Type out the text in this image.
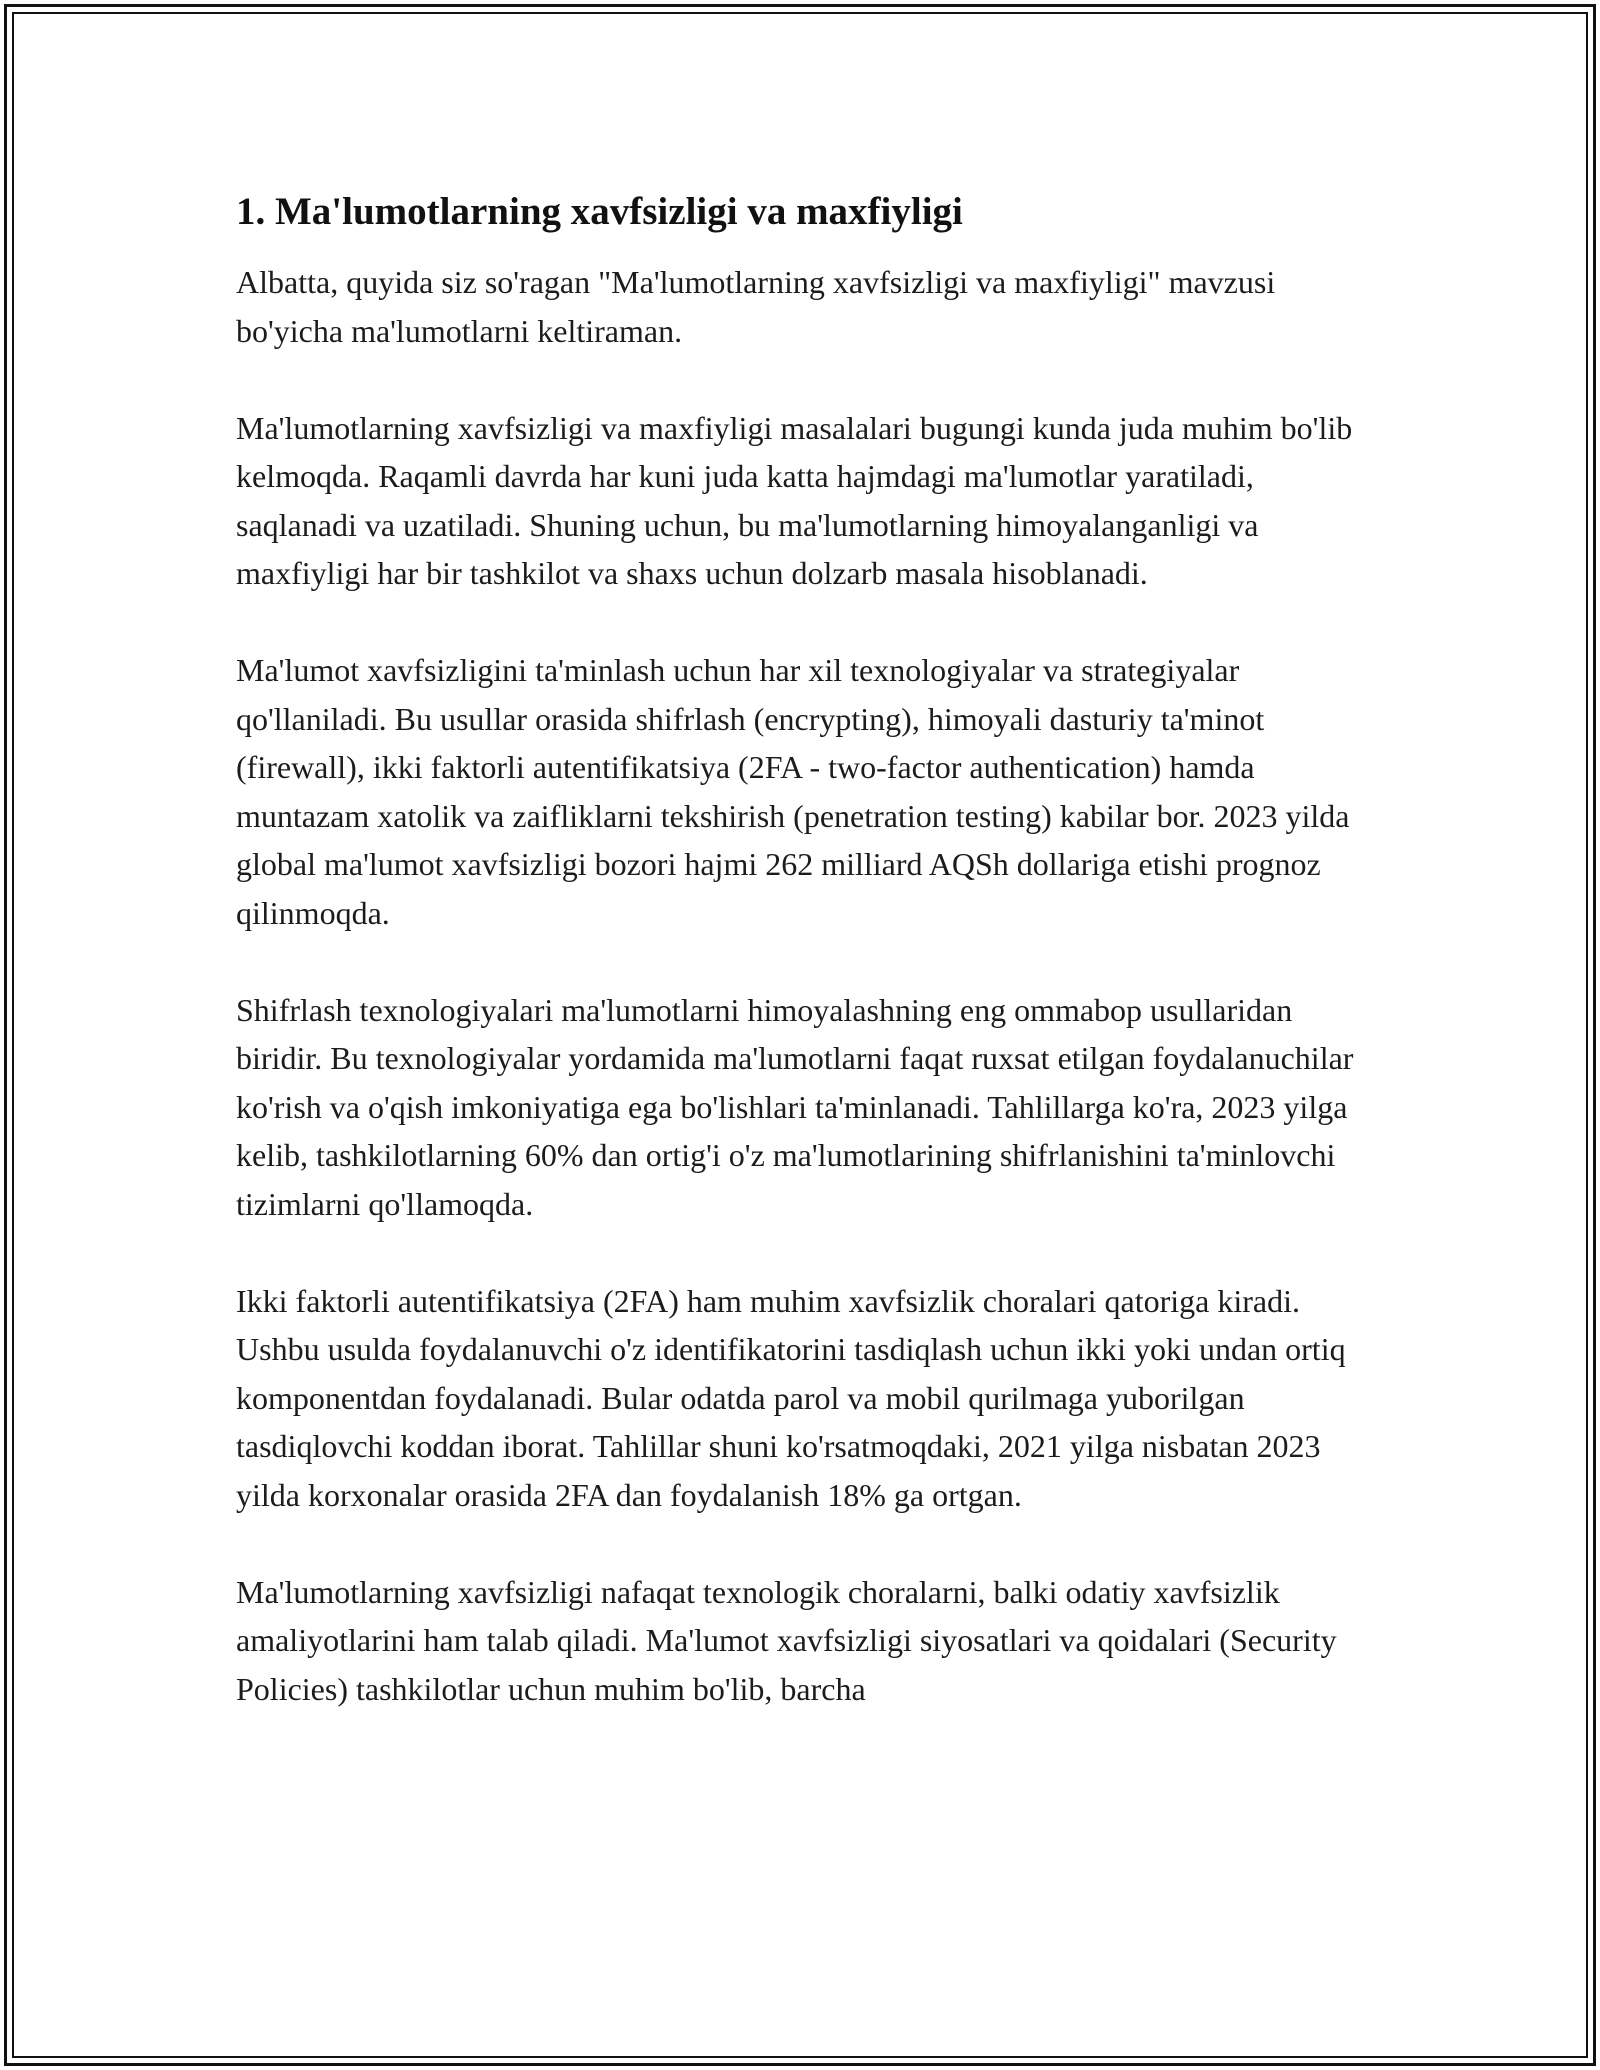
1. Ma'lumotlarning xavfsizligi va maxfiyligi

Albatta, quyida siz so'ragan "Ma'lumotlarning xavfsizligi va maxfiyligi" mavzusi bo'yicha ma'lumotlarni keltiraman.

Ma'lumotlarning xavfsizligi va maxfiyligi masalalari bugungi kunda juda muhim bo'lib kelmoqda. Raqamli davrda har kuni juda katta hajmdagi ma'lumotlar yaratiladi, saqlanadi va uzatiladi. Shuning uchun, bu ma'lumotlarning himoyalanganligi va maxfiyligi har bir tashkilot va shaxs uchun dolzarb masala hisoblanadi.

Ma'lumot xavfsizligini ta'minlash uchun har xil texnologiyalar va strategiyalar qo'llaniladi. Bu usullar orasida shifrlash (encrypting), himoyali dasturiy ta'minot (firewall), ikki faktorli autentifikatsiya (2FA - two-factor authentication) hamda muntazam xatolik va zaifliklarni tekshirish (penetration testing) kabilar bor. 2023 yilda global ma'lumot xavfsizligi bozori hajmi 262 milliard AQSh dollariga etishi prognoz qilinmoqda.

Shifrlash texnologiyalari ma'lumotlarni himoyalashning eng ommabop usullaridan biridir. Bu texnologiyalar yordamida ma'lumotlarni faqat ruxsat etilgan foydalanuchilar ko'rish va o'qish imkoniyatiga ega bo'lishlari ta'minlanadi. Tahlillarga ko'ra, 2023 yilga kelib, tashkilotlarning 60% dan ortig'i o'z ma'lumotlarining shifrlanishini ta'minlovchi tizimlarni qo'llamoqda.

Ikki faktorli autentifikatsiya (2FA) ham muhim xavfsizlik choralari qatoriga kiradi. Ushbu usulda foydalanuvchi o'z identifikatorini tasdiqlash uchun ikki yoki undan ortiq komponentdan foydalanadi. Bular odatda parol va mobil qurilmaga yuborilgan tasdiqlovchi koddan iborat. Tahlillar shuni ko'rsatmoqdaki, 2021 yilga nisbatan 2023 yilda korxonalar orasida 2FA dan foydalanish 18% ga ortgan.

Ma'lumotlarning xavfsizligi nafaqat texnologik choralarni, balki odatiy xavfsizlik amaliyotlarini ham talab qiladi. Ma'lumot xavfsizligi siyosatlari va qoidalari (Security Policies) tashkilotlar uchun muhim bo'lib, barcha
